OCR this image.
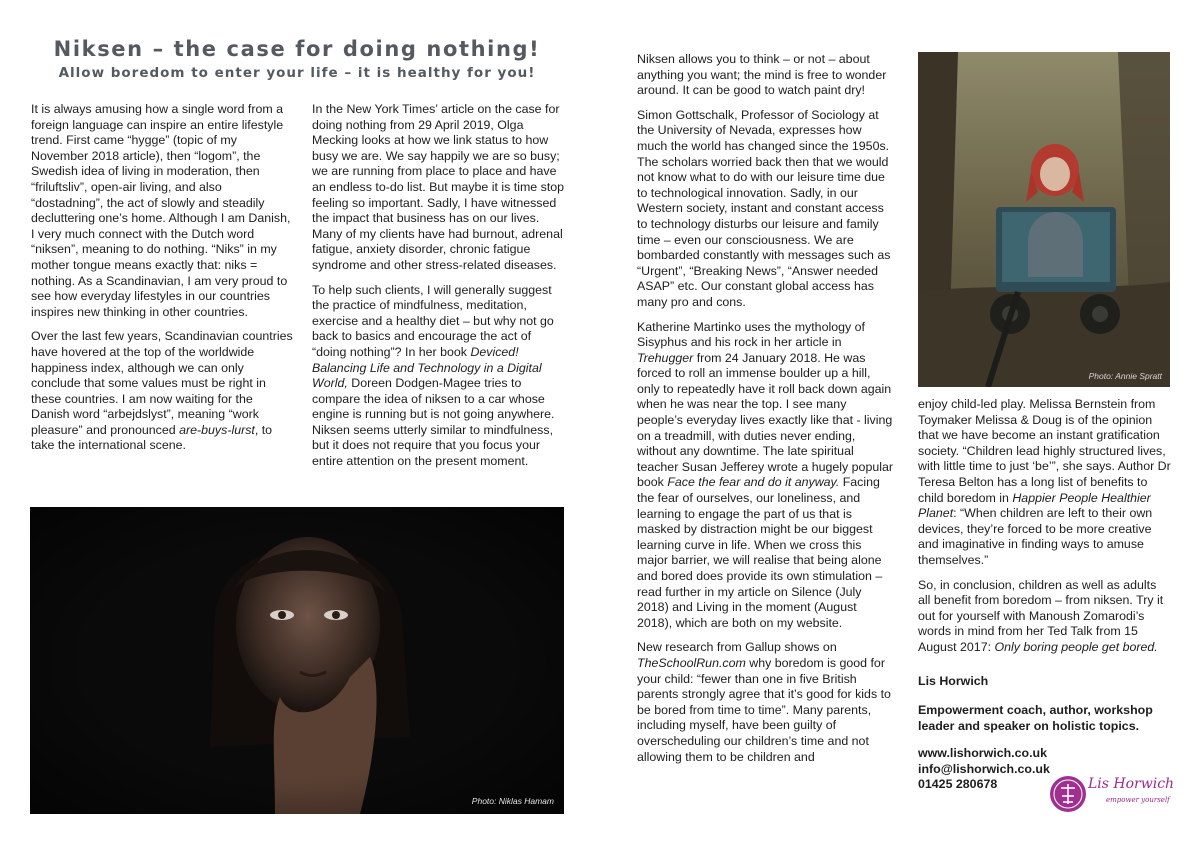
Niksen – the case for doing nothing!
Allow boredom to enter your life – it is healthy for you!

It is always amusing how a single word from a foreign language can inspire an entire lifestyle trend. First came “hygge” (topic of my November 2018 article), then “logom”, the Swedish idea of living in moderation, then “friluftsliv”, open-air living, and also “dostadning”, the act of slowly and steadily decluttering one’s home. Although I am Danish, I very much connect with the Dutch word “niksen”, meaning to do nothing. “Niks” in my mother tongue means exactly that: niks = nothing. As a Scandinavian, I am very proud to see how everyday lifestyles in our countries inspires new thinking in other countries.

Over the last few years, Scandinavian countries have hovered at the top of the worldwide happiness index, although we can only conclude that some values must be right in these countries. I am now waiting for the Danish word “arbejdslyst”, meaning “work pleasure” and pronounced are-buys-lurst, to take the international scene.

In the New York Times’ article on the case for doing nothing from 29 April 2019, Olga Mecking looks at how we link status to how busy we are. We say happily we are so busy; we are running from place to place and have an endless to-do list. But maybe it is time stop feeling so important. Sadly, I have witnessed the impact that business has on our lives. Many of my clients have had burnout, adrenal fatigue, anxiety disorder, chronic fatigue syndrome and other stress-related diseases.

To help such clients, I will generally suggest the practice of mindfulness, meditation, exercise and a healthy diet – but why not go back to basics and encourage the act of “doing nothing”? In her book Deviced! Balancing Life and Technology in a Digital World, Doreen Dodgen-Magee tries to compare the idea of niksen to a car whose engine is running but is not going anywhere. Niksen seems utterly similar to mindfulness, but it does not require that you focus your entire attention on the present moment.

Niksen allows you to think – or not – about anything you want; the mind is free to wonder around. It can be good to watch paint dry!

Simon Gottschalk, Professor of Sociology at the University of Nevada, expresses how much the world has changed since the 1950s. The scholars worried back then that we would not know what to do with our leisure time due to technological innovation. Sadly, in our Western society, instant and constant access to technology disturbs our leisure and family time – even our consciousness. We are bombarded constantly with messages such as “Urgent”, “Breaking News”, “Answer needed ASAP” etc. Our constant global access has many pro and cons.

Katherine Martinko uses the mythology of Sisyphus and his rock in her article in Trehugger from 24 January 2018. He was forced to roll an immense boulder up a hill, only to repeatedly have it roll back down again when he was near the top. I see many people’s everyday lives exactly like that - living on a treadmill, with duties never ending, without any downtime. The late spiritual teacher Susan Jefferey wrote a hugely popular book Face the fear and do it anyway. Facing the fear of ourselves, our loneliness, and learning to engage the part of us that is masked by distraction might be our biggest learning curve in life. When we cross this major barrier, we will realise that being alone and bored does provide its own stimulation – read further in my article on Silence (July 2018) and Living in the moment (August 2018), which are both on my website.

New research from Gallup shows on TheSchoolRun.com why boredom is good for your child: “fewer than one in five British parents strongly agree that it’s good for kids to be bored from time to time”. Many parents, including myself, have been guilty of overscheduling our children’s time and not allowing them to be children and

enjoy child-led play. Melissa Bernstein from Toymaker Melissa & Doug is of the opinion that we have become an instant gratification society. “Children lead highly structured lives, with little time to just ‘be’”, she says. Author Dr Teresa Belton has a long list of benefits to child boredom in Happier People Healthier Planet: “When children are left to their own devices, they’re forced to be more creative and imaginative in finding ways to amuse themselves.”

So, in conclusion, children as well as adults all benefit from boredom – from niksen. Try it out for yourself with Manoush Zomarodi’s words in mind from her Ted Talk from 15 August 2017: Only boring people get bored.

Lis Horwich

Empowerment coach, author, workshop leader and speaker on holistic topics.

www.lishorwich.co.uk

info@lishorwich.co.uk

01425 280678

Photo: Niklas Hamam
Photo: Annie Spratt
Lis Horwich
empower yourself
